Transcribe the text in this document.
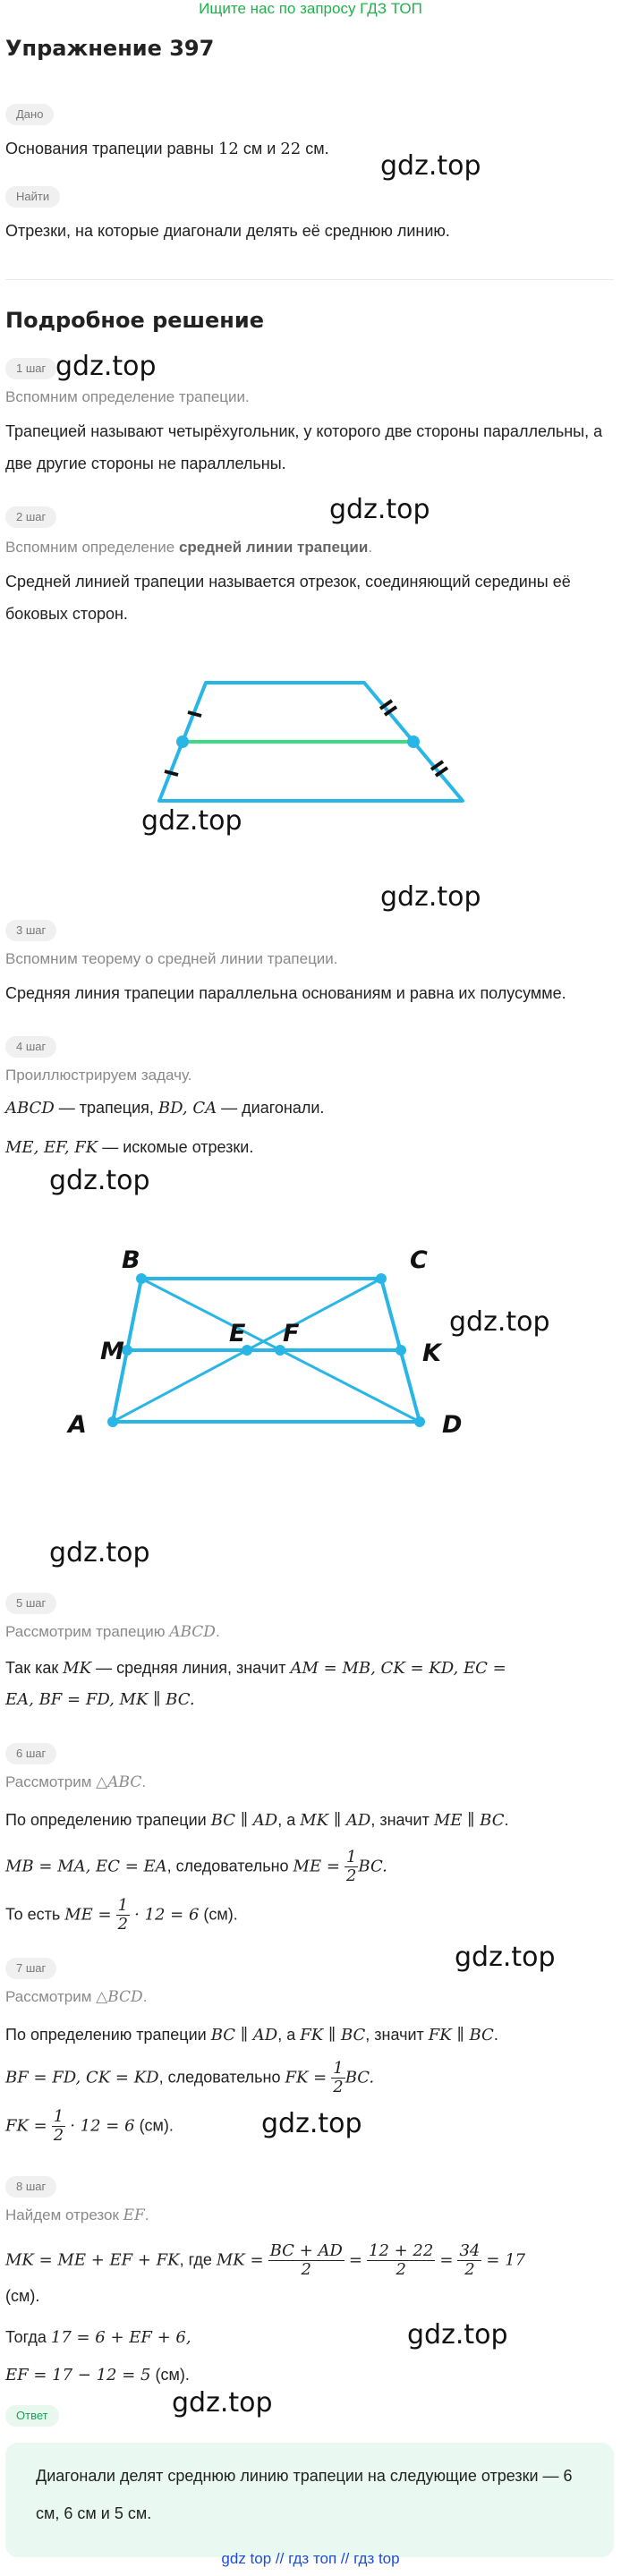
Ищите нас по запросу ГДЗ ТОП
Упражнение 397
Дано
Основания трапеции равны 12 см и 22 см.
gdz.top
Найти
Отрезки, на которые диагонали делять её среднюю линию.
Подробное решение
1 шаг gdz.top
Вспомним определение трапеции.
Трапецией называют четырёхугольник, у которого две стороны параллельны, а две другие стороны не параллельны.
gdz.top
2 шаг
Вспомним определение средней линии трапеции.
Средней линией трапеции называется отрезок, соединяющий середины её боковых сторон.
gdz.top
gdz.top
3 шаг
Вспомним теорему о средней линии трапеции.
Средняя линия трапеции параллельна основаниям и равна их полусумме.
4 шаг
Проиллюстрируем задачу.
ABCD — трапеция, BD, CA — диагонали.
ME, EF, FK — искомые отрезки.
gdz.top
B	C
M
E F
K
A	D
gdz.top
gdz.top
5 шаг
Рассмотрим трапецию ABCD.
Так как MK — средняя линия, значит AM = MB, CK = KD, EC =
EA, BF = FD, MK ∥ BC.
6 шаг
Рассмотрим △ABC.
По определению трапеции BC ∥ AD, а MK ∥ AD, значит ME ∥ BC.
MB = MA, EC = EA, следовательно ME = $\frac{1}{2}$ BC.
То есть ME = $\frac{1}{2} \cdot 12 = 6$ (см).
gdz.top
7 шаг
Рассмотрим △BCD.
По определению трапеции BC ∥ AD, а FK ∥ BC, значит FK ∥ BC.
BF = FD, CK = KD, следовательно FK = $\frac{1}{2}$ BC.
FK = $\frac{1}{2} \cdot 12 = 6$ (см).	gdz.top
8 шаг
Найдем отрезок EF.
MK = ME + EF + FK, где MK = $\frac{BC + AD}{2} = \frac{12 + 22}{2} = \frac{34}{2} = 17$
(см).
Тогда 17 = 6 + EF + 6,	gdz.top
EF = 17 − 12 = 5 (см).
Ответ	gdz.top

Диагонали делят среднюю линию трапеции на следующие отрезки — 6 см, 6 см и 5 см.

gdz top // гдз топ // гдз top
